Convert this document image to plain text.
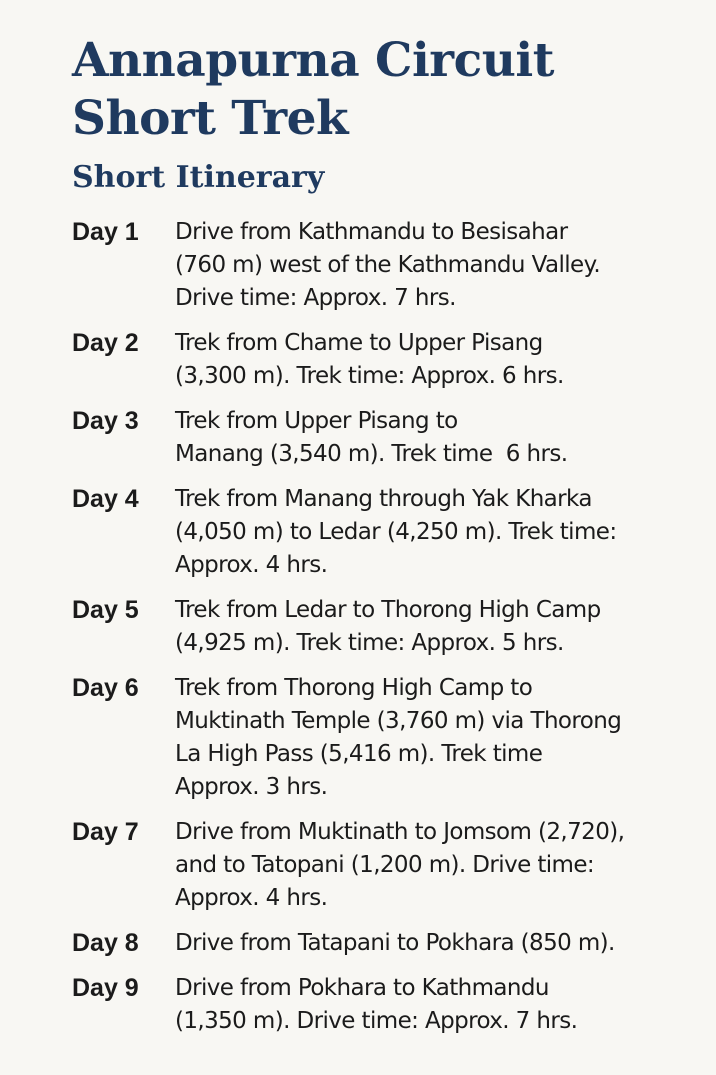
Annapurna Circuit
Short Trek
Short Itinerary
Day 1	Drive from Kathmandu to Besisahar
(760 m) west of the Kathmandu Valley.
Drive time: Approx. 7 hrs.
Day 2	Trek from Chame to Upper Pisang
(3,300 m). Trek time: Approx. 6 hrs.
Day 3	Trek from Upper Pisang to
Manang (3,540 m). Trek time  6 hrs.
Day 4	Trek from Manang through Yak Kharka
(4,050 m) to Ledar (4,250 m). Trek time:
Approx. 4 hrs.
Day 5	Trek from Ledar to Thorong High Camp
(4,925 m). Trek time: Approx. 5 hrs.
Day 6	Trek from Thorong High Camp to
Muktinath Temple (3,760 m) via Thorong
La High Pass (5,416 m). Trek time
Approx. 3 hrs.
Day 7	Drive from Muktinath to Jomsom (2,720),
and to Tatopani (1,200 m). Drive time:
Approx. 4 hrs.
Day 8	Drive from Tatapani to Pokhara (850 m).
Day 9	Drive from Pokhara to Kathmandu
(1,350 m). Drive time: Approx. 7 hrs.
